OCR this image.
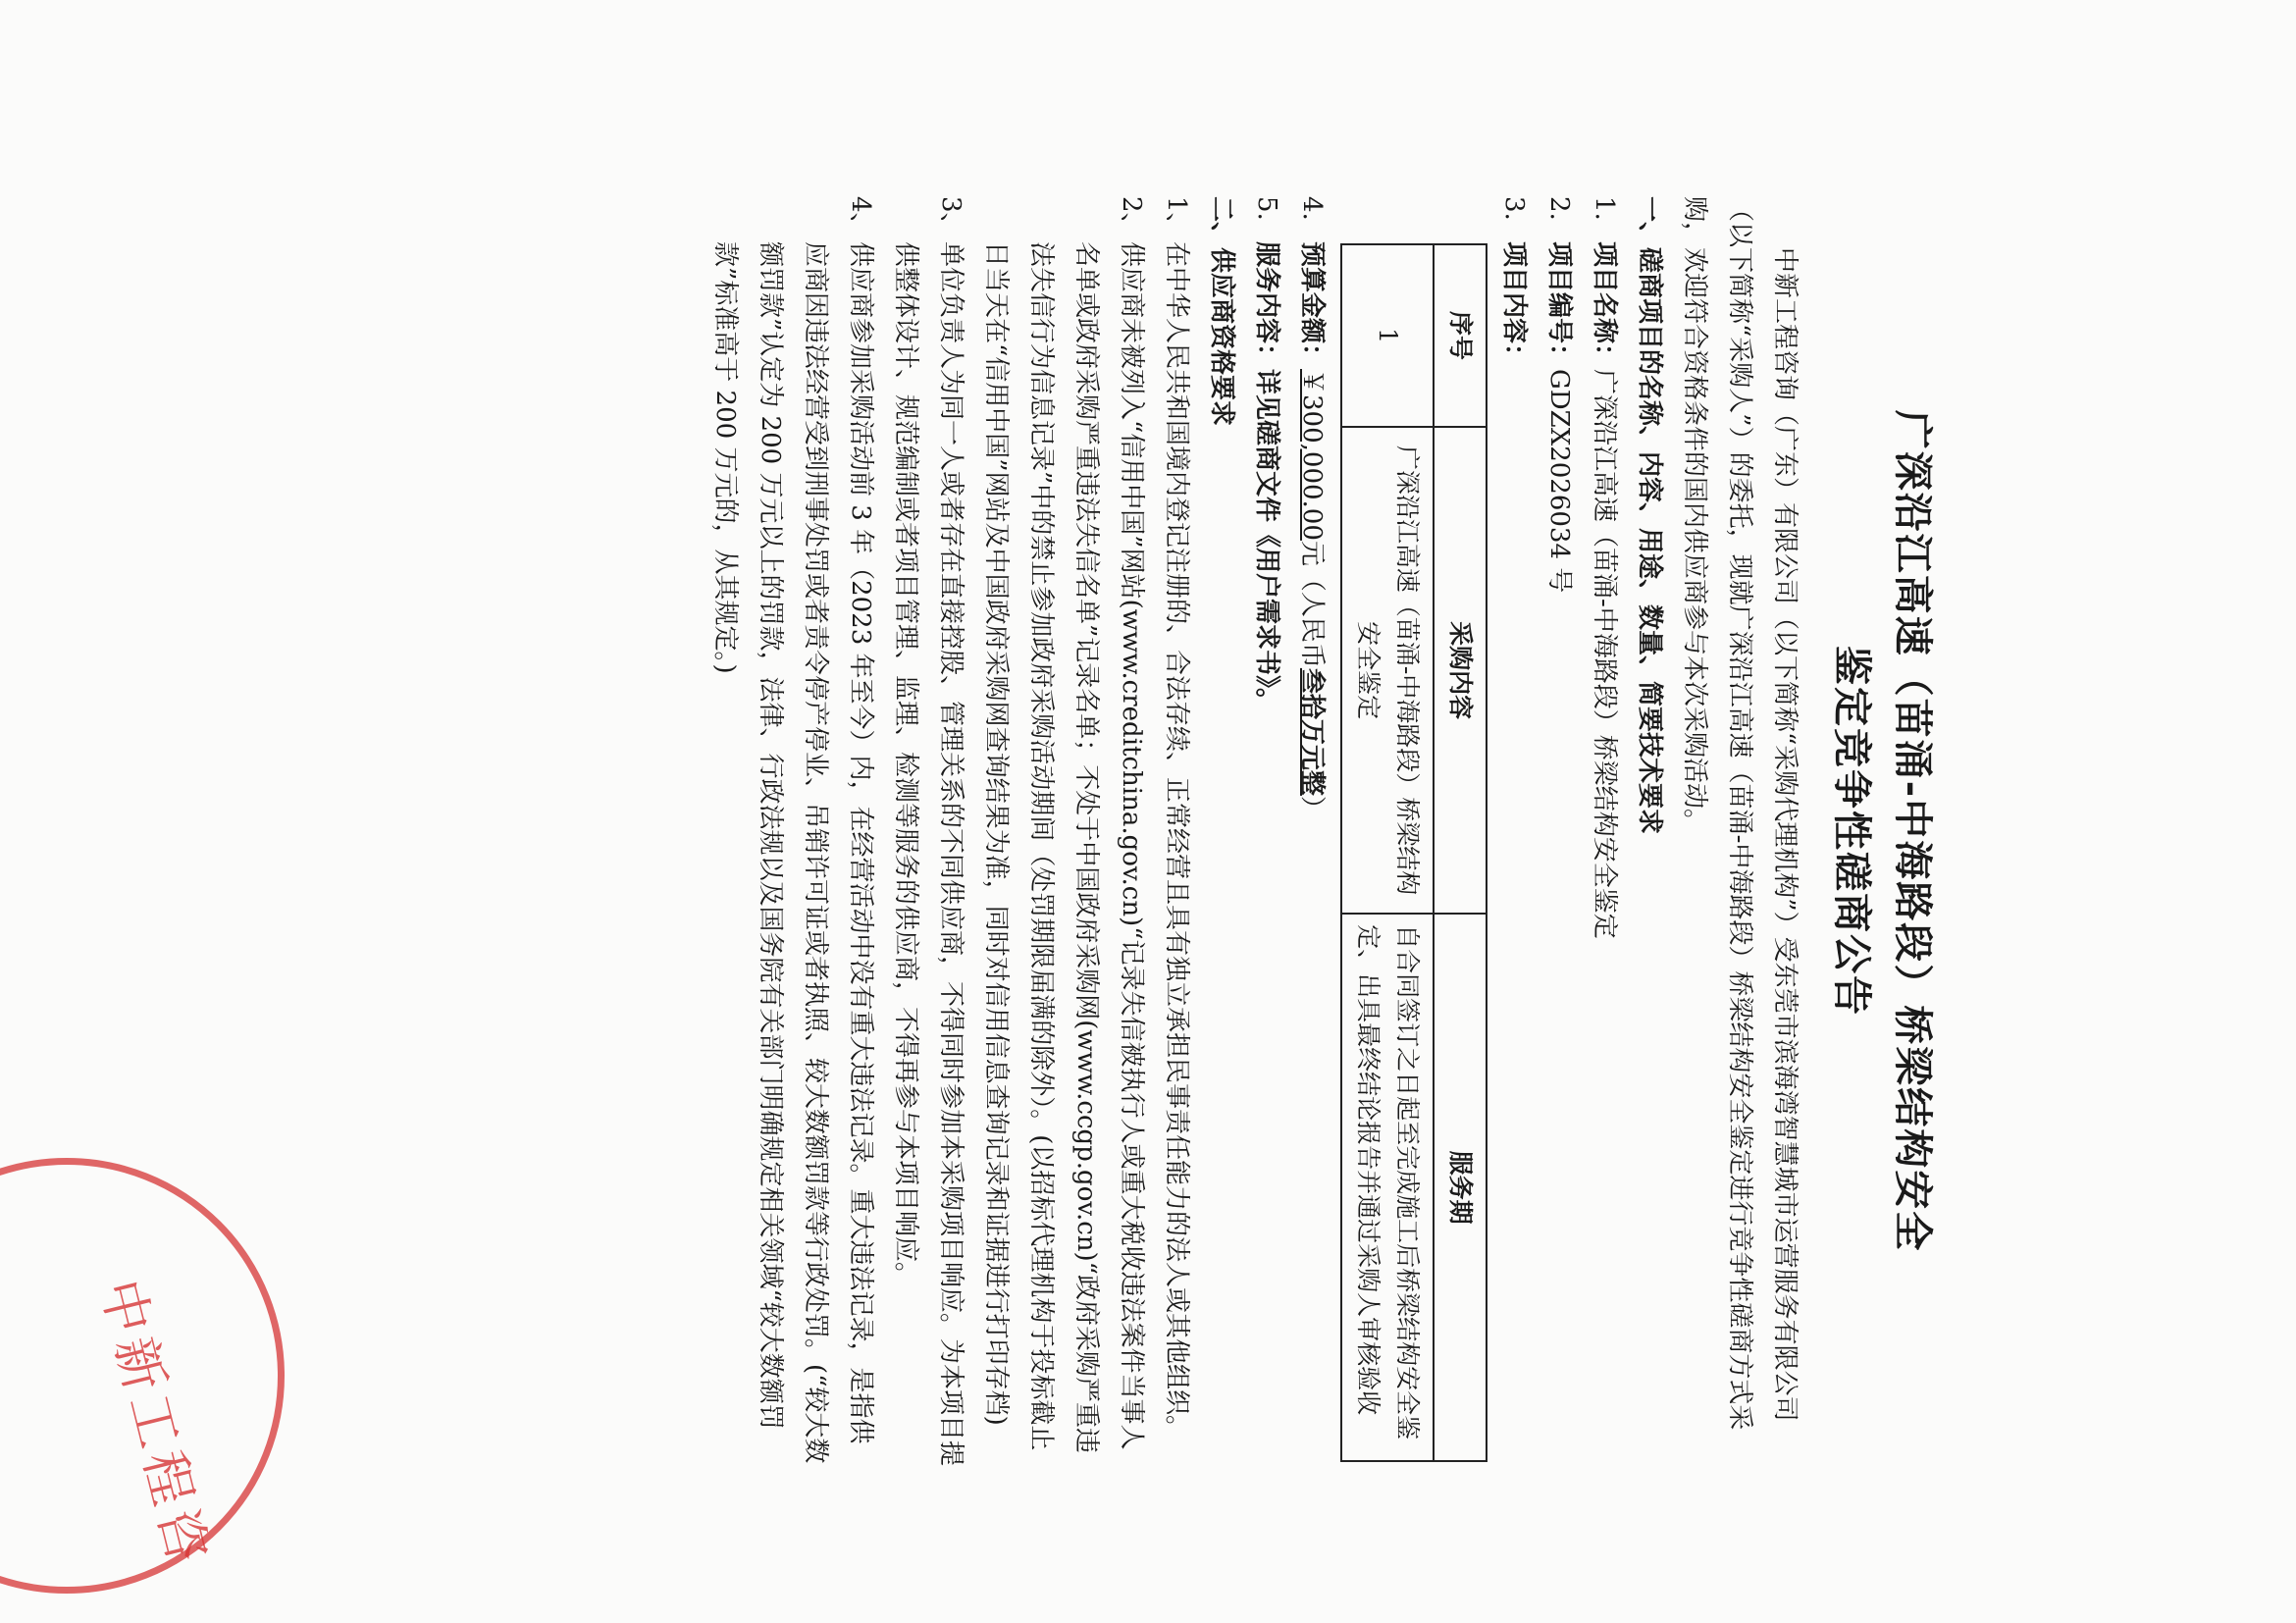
广深沿江高速（苗涌-中海路段）桥梁结构安全

鉴定竞争性磋商公告

中新工程咨询（广东）有限公司（以下简称“采购代理机构”）受东莞市滨海湾智慧城市运营服务有限公司（以下简称“采购人”）的委托，现就广深沿江高速（苗涌-中海路段）桥梁结构安全鉴定进行竞争性磋商方式采购，欢迎符合资格条件的国内供应商参与本次采购活动。

一、磋商项目的名称、内容、用途、数量、简要技术要求

1.
项目名称：广深沿江高速（苗涌-中海路段）桥梁结构安全鉴定

2.
项目编号：GDZX2026034 号

3.
项目内容：

序号	采购内容	服务期
1	广深沿江高速（苗涌-中海路段）桥梁结构安全鉴定	自合同签订之日起至完成施工后桥梁结构安全鉴定、出具最终结论报告并通过采购人审核验收

4.
预算金额：￥300,000.00元（人民币叁拾万元整）

5.
服务内容：详见磋商文件《用户需求书》。

二、供应商资格要求

1、
在中华人民共和国境内登记注册的、合法存续、正常经营且具有独立承担民事责任能力的法人或其他组织。

2、
供应商未被列入“信用中国”网站(www.creditchina.gov.cn)“记录失信被执行人或重大税收违法案件当事人名单或政府采购严重违法失信名单”记录名单；不处于中国政府采购网(www.ccgp.gov.cn)“政府采购严重违法失信行为信息记录”中的禁止参加政府采购活动期间（处罚期限届满的除外）。(以招标代理机构于投标截止日当天在“信用中国”网站及中国政府采购网查询结果为准，同时对信用信息查询记录和证据进行打印存档)

3、
单位负责人为同一人或者存在直接控股、管理关系的不同供应商，不得同时参加本采购项目响应。为本项目提供整体设计、规范编制或者项目管理、监理、检测等服务的供应商，不得再参与本项目响应。

4、
供应商参加采购活动前 3 年（2023 年至今）内，在经营活动中没有重大违法记录。重大违法记录，是指供应商因违法经营受到刑事处罚或者责令停产停业、吊销许可证或者执照、较大数额罚款等行政处罚。(“较大数额罚款”认定为 200 万元以上的罚款，法律、行政法规以及国务院有关部门明确规定相关领域“较大数额罚款”标准高于 200 万元的，从其规定。)

中新工程咨
